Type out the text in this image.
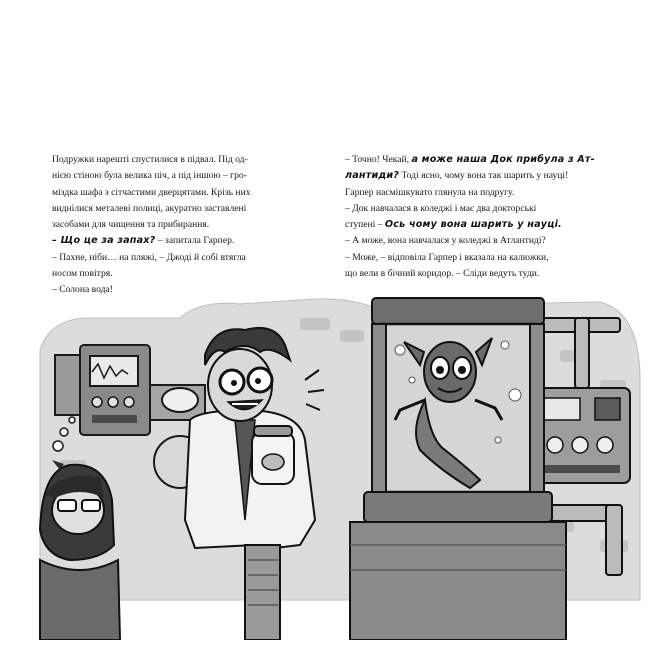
Подружки нарешті спустилися в підвал. Під од-
нією стіною була велика піч, а під іншою – гро-
міздка шафа з сітчастими дверцятами. Крізь них
виднілися металеві полиці, акуратно заставлені
засобами для чищення та прибирання.
– Що це за запах? – запитала Гарпер.
– Пахне, ніби… на пляжі, – Джоді й собі втягла
носом повітря.
– Солона вода!
– Точно! Чекай, а може наша Док прибула з Ат-
лантиди? Тоді ясно, чому вона так шарить у науці!
Гарпер насмішкувато глянула на подругу.
– Док навчалася в коледжі і має два докторські
ступені – Ось чому вона шарить у науці.
– А може, вона навчалася у коледжі в Атлантиді?
– Може, – відповіла Гарпер і вказала на калюжки,
що вели в бічний коридор. – Сліди ведуть туди.
